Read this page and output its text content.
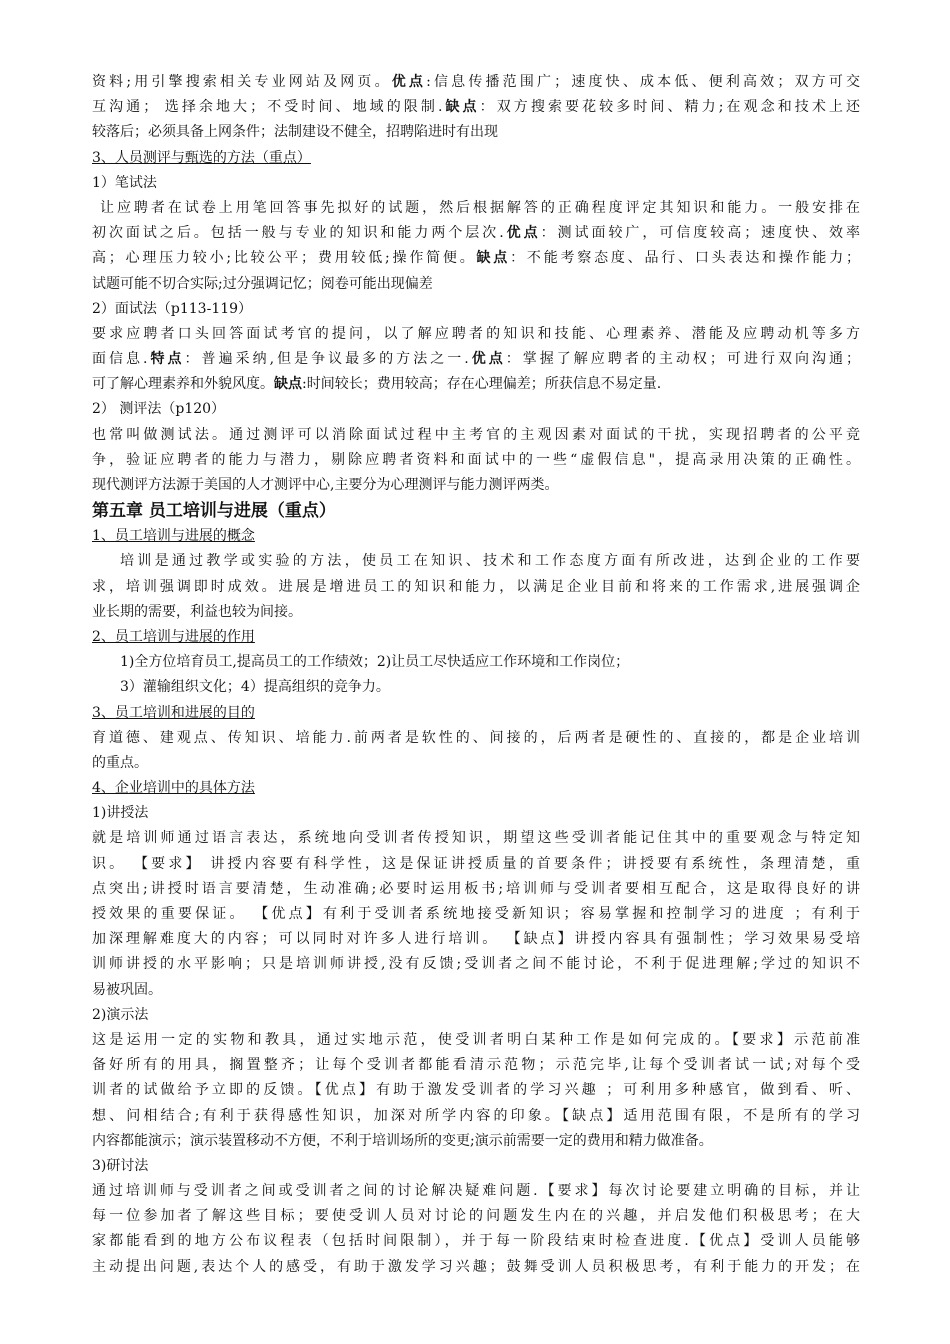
资料;用引擎搜索相关专业网站及网页。优点:信息传播范围广；速度快、成本低、便利高效；双方可交
互沟通； 选择余地大；不受时间、地域的限制.缺点：双方搜索要花较多时间、精力;在观念和技术上还
较落后；必须具备上网条件；法制建设不健全，招聘陷进时有出现
3、人员测评与甄选的方法（重点）
1）笔试法
让应聘者在试卷上用笔回答事先拟好的试题，然后根据解答的正确程度评定其知识和能力。一般安排在
初次面试之后。包括一般与专业的知识和能力两个层次.优点：测试面较广，可信度较高；速度快、效率
高；心理压力较小;比较公平；费用较低;操作简便。缺点：不能考察态度、品行、口头表达和操作能力；
试题可能不切合实际;过分强调记忆；阅卷可能出现偏差
2）面试法（p113-119）
要求应聘者口头回答面试考官的提问，以了解应聘者的知识和技能、心理素养、潜能及应聘动机等多方
面信息.特点：普遍采纳,但是争议最多的方法之一.优点：掌握了解应聘者的主动权；可进行双向沟通；
可了解心理素养和外貌风度。缺点:时间较长；费用较高；存在心理偏差；所获信息不易定量.
2） 测评法（p120）
也常叫做测试法。通过测评可以消除面试过程中主考官的主观因素对面试的干扰，实现招聘者的公平竞
争，验证应聘者的能力与潜力，剔除应聘者资料和面试中的一些“虚假信息"，提高录用决策的正确性。
现代测评方法源于美国的人才测评中心,主要分为心理测评与能力测评两类。
第五章 员工培训与进展（重点）
1、员工培训与进展的概念
培训是通过教学或实验的方法，使员工在知识、技术和工作态度方面有所改进，达到企业的工作要
求，培训强调即时成效。进展是增进员工的知识和能力，以满足企业目前和将来的工作需求,进展强调企
业长期的需要，利益也较为间接。
2、员工培训与进展的作用
1)全方位培育员工,提高员工的工作绩效；2)让员工尽快适应工作环境和工作岗位；
3）灌输组织文化；4）提高组织的竞争力。
3、员工培训和进展的目的
育道德、建观点、传知识、培能力.前两者是软性的、间接的，后两者是硬性的、直接的，都是企业培训
的重点。
4、企业培训中的具体方法
1)讲授法
就是培训师通过语言表达，系统地向受训者传授知识，期望这些受训者能记住其中的重要观念与特定知
识。 【要求】 讲授内容要有科学性，这是保证讲授质量的首要条件；讲授要有系统性，条理清楚，重
点突出;讲授时语言要清楚，生动准确;必要时运用板书;培训师与受训者要相互配合，这是取得良好的讲
授效果的重要保证。 【优点】有利于受训者系统地接受新知识；容易掌握和控制学习的进度 ；有利于
加深理解难度大的内容；可以同时对许多人进行培训。 【缺点】讲授内容具有强制性；学习效果易受培
训师讲授的水平影响；只是培训师讲授,没有反馈;受训者之间不能讨论，不利于促进理解;学过的知识不
易被巩固。
2)演示法
这是运用一定的实物和教具，通过实地示范，使受训者明白某种工作是如何完成的。【要求】示范前准
备好所有的用具，搁置整齐；让每个受训者都能看清示范物；示范完毕,让每个受训者试一试;对每个受
训者的试做给予立即的反馈。【优点】有助于激发受训者的学习兴趣 ；可利用多种感官，做到看、听、
想、问相结合;有利于获得感性知识，加深对所学内容的印象。【缺点】适用范围有限，不是所有的学习
内容都能演示；演示装置移动不方便，不利于培训场所的变更;演示前需要一定的费用和精力做准备。
3)研讨法
通过培训师与受训者之间或受训者之间的讨论解决疑难问题.【要求】每次讨论要建立明确的目标，并让
每一位参加者了解这些目标；要使受训人员对讨论的问题发生内在的兴趣，并启发他们积极思考；在大
家都能看到的地方公布议程表（包括时间限制），并于每一阶段结束时检查进度.【优点】受训人员能够
主动提出问题,表达个人的感受，有助于激发学习兴趣；鼓舞受训人员积极思考，有利于能力的开发；在
